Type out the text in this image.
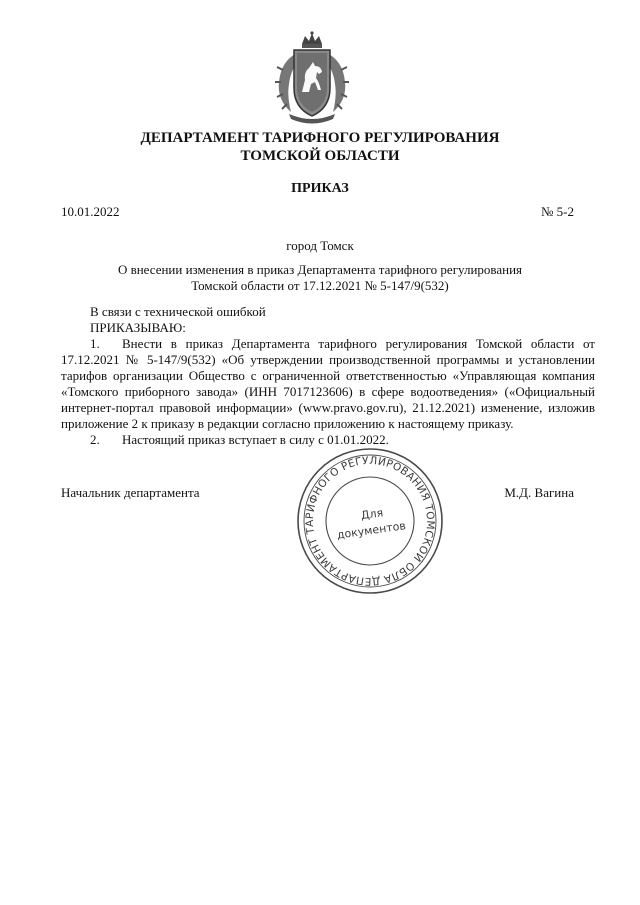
ДЕПАРТАМЕНТ ТАРИФНОГО РЕГУЛИРОВАНИЯ
ТОМСКОЙ ОБЛАСТИ
ПРИКАЗ
10.01.2022	№ 5-2
город Томск
О внесении изменения в приказ Департамента тарифного регулирования
Томской области от 17.12.2021 № 5-147/9(532)

В связи с технической ошибкой

ПРИКАЗЫВАЮ:

1. Внести в приказ Департамента тарифного регулирования Томской области от 17.12.2021 № 5-147/9(532) «Об утверждении производственной программы и установлении тарифов организации Общество с ограниченной ответственностью «Управляющая компания «Томского приборного завода» (ИНН 7017123606) в сфере водоотведения» («Официальный интернет-портал правовой информации» (www.pravo.gov.ru), 21.12.2021) изменение, изложив приложение 2 к приказу в редакции согласно приложению к настоящему приказу.

2. Настоящий приказ вступает в силу с 01.01.2022.

Начальник департамента	М.Д. Вагина
ДЕПАРТАМЕНТ ТАРИФНОГО РЕГУЛИРОВАНИЯ ТОМСКОЙ ОБЛАСТИ
Для
документов
